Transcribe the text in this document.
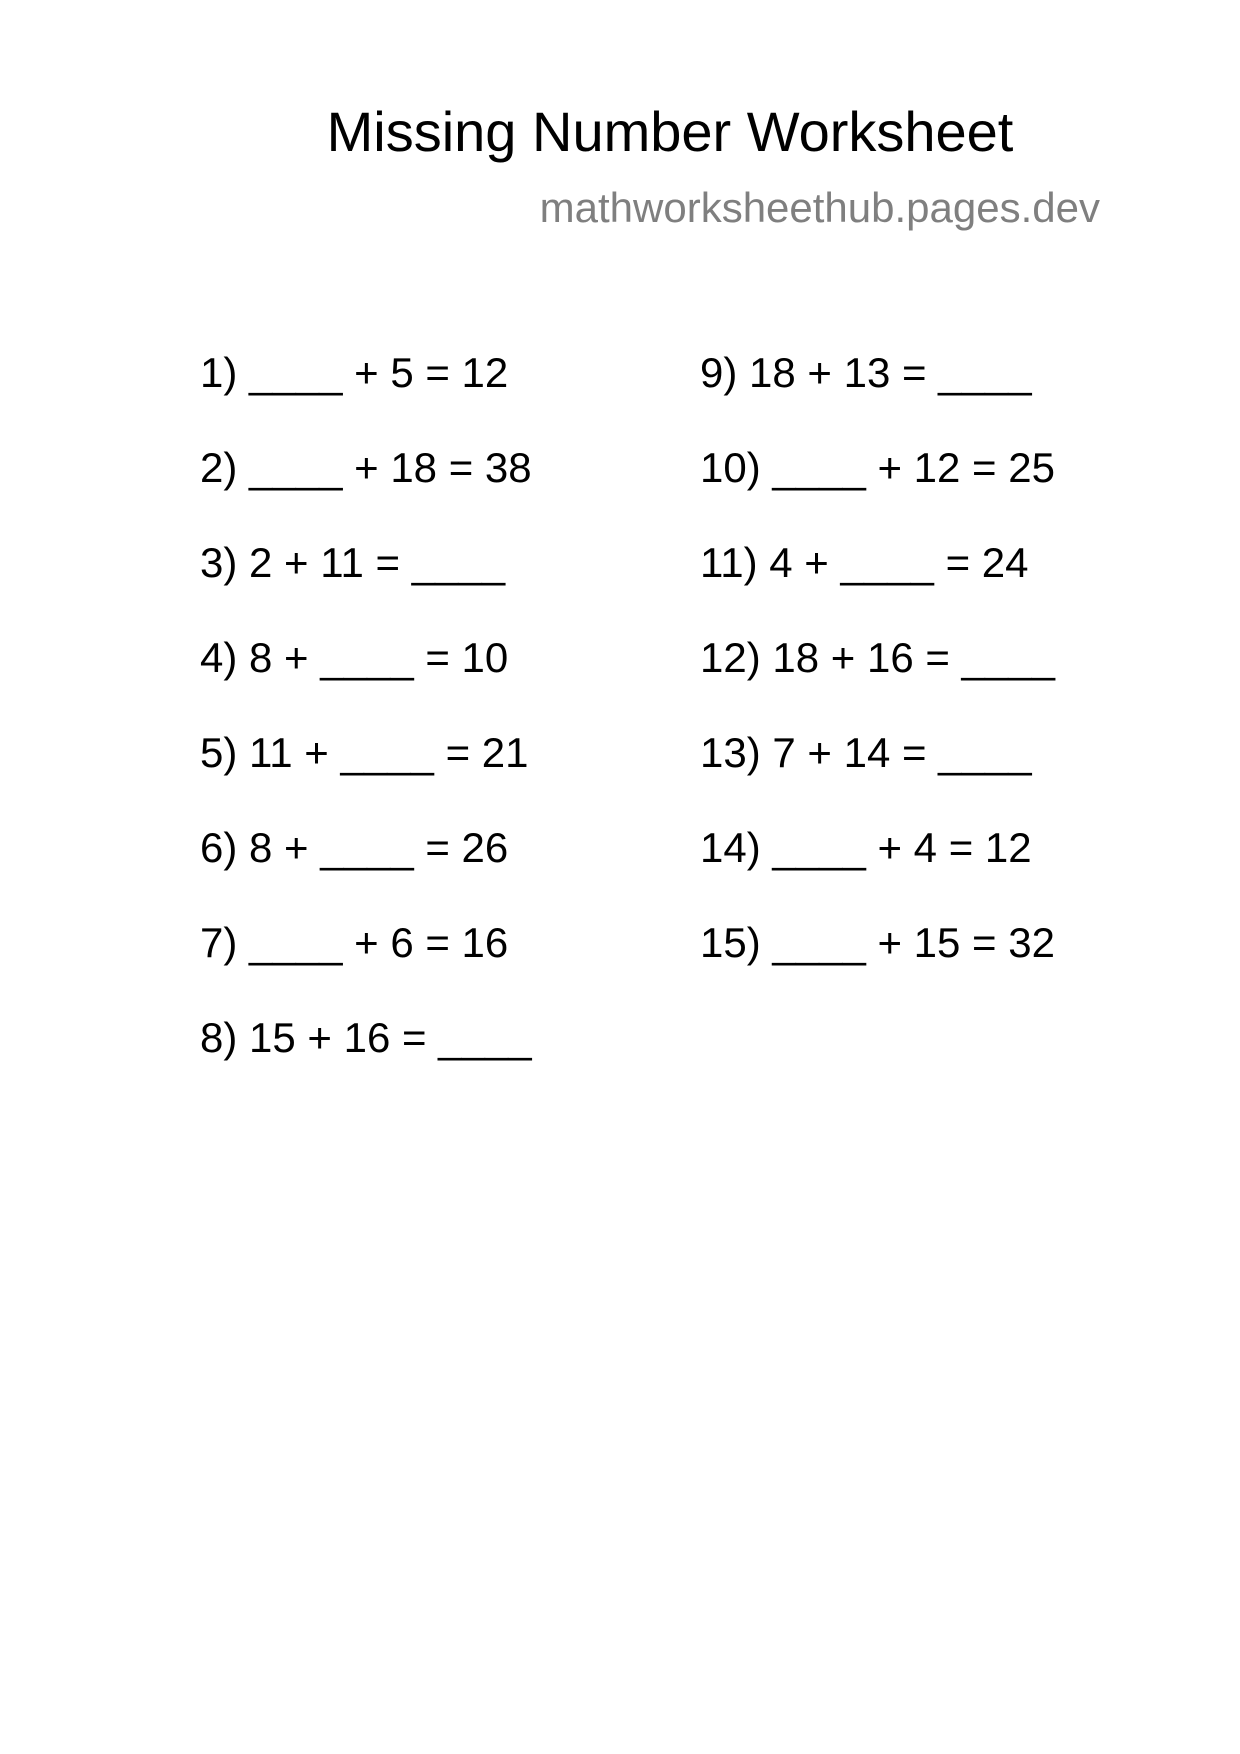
Missing Number Worksheet
mathworksheethub.pages.dev
1) ____ + 5 = 12
2) ____ + 18 = 38
3) 2 + 11 = ____
4) 8 + ____ = 10
5) 11 + ____ = 21
6) 8 + ____ = 26
7) ____ + 6 = 16
8) 15 + 16 = ____
9) 18 + 13 = ____
10) ____ + 12 = 25
11) 4 + ____ = 24
12) 18 + 16 = ____
13) 7 + 14 = ____
14) ____ + 4 = 12
15) ____ + 15 = 32
